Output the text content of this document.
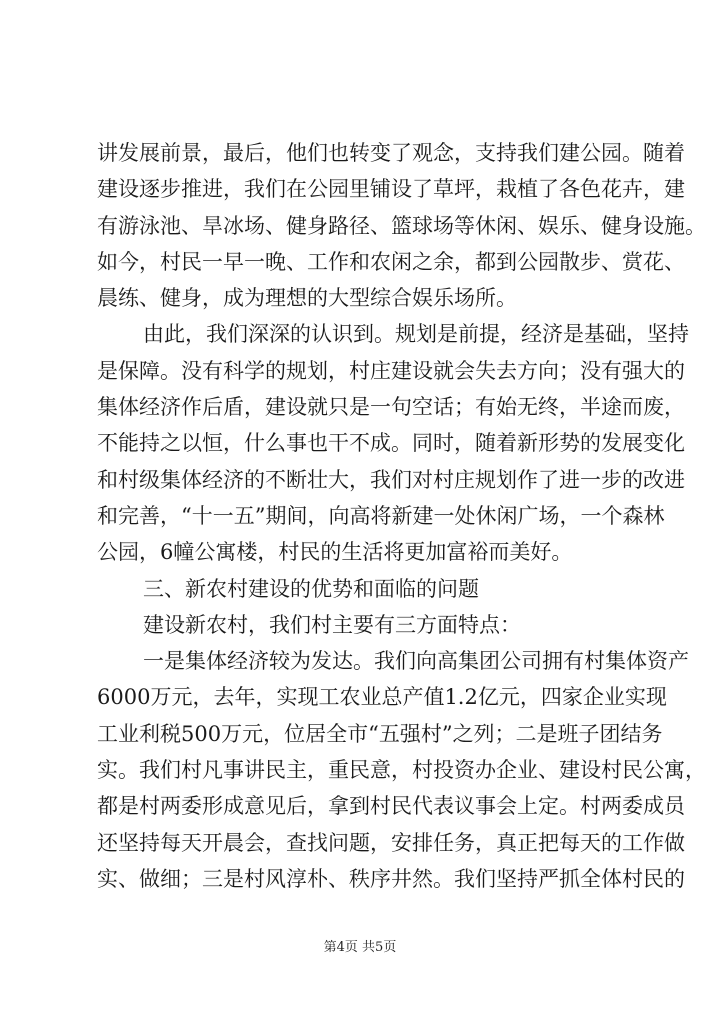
讲发展前景，最后，他们也转变了观念，支持我们建公园。随着
建设逐步推进，我们在公园里铺设了草坪，栽植了各色花卉，建
有游泳池、旱冰场、健身路径、篮球场等休闲、娱乐、健身设施。
如今，村民一早一晚、工作和农闲之余，都到公园散步、赏花、
晨练、健身，成为理想的大型综合娱乐场所。
由此，我们深深的认识到。规划是前提，经济是基础，坚持
是保障。没有科学的规划，村庄建设就会失去方向；没有强大的
集体经济作后盾，建设就只是一句空话；有始无终，半途而废，
不能持之以恒，什么事也干不成。同时，随着新形势的发展变化
和村级集体经济的不断壮大，我们对村庄规划作了进一步的改进
和完善，“十一五”期间，向高将新建一处休闲广场，一个森林
公园，6幢公寓楼，村民的生活将更加富裕而美好。
三、新农村建设的优势和面临的问题
建设新农村，我们村主要有三方面特点：
一是集体经济较为发达。我们向高集团公司拥有村集体资产
6000万元，去年，实现工农业总产值1.2亿元，四家企业实现
工业利税500万元，位居全市“五强村”之列；二是班子团结务
实。我们村凡事讲民主，重民意，村投资办企业、建设村民公寓，
都是村两委形成意见后，拿到村民代表议事会上定。村两委成员
还坚持每天开晨会，查找问题，安排任务，真正把每天的工作做
实、做细；三是村风淳朴、秩序井然。我们坚持严抓全体村民的
第4页 共5页
